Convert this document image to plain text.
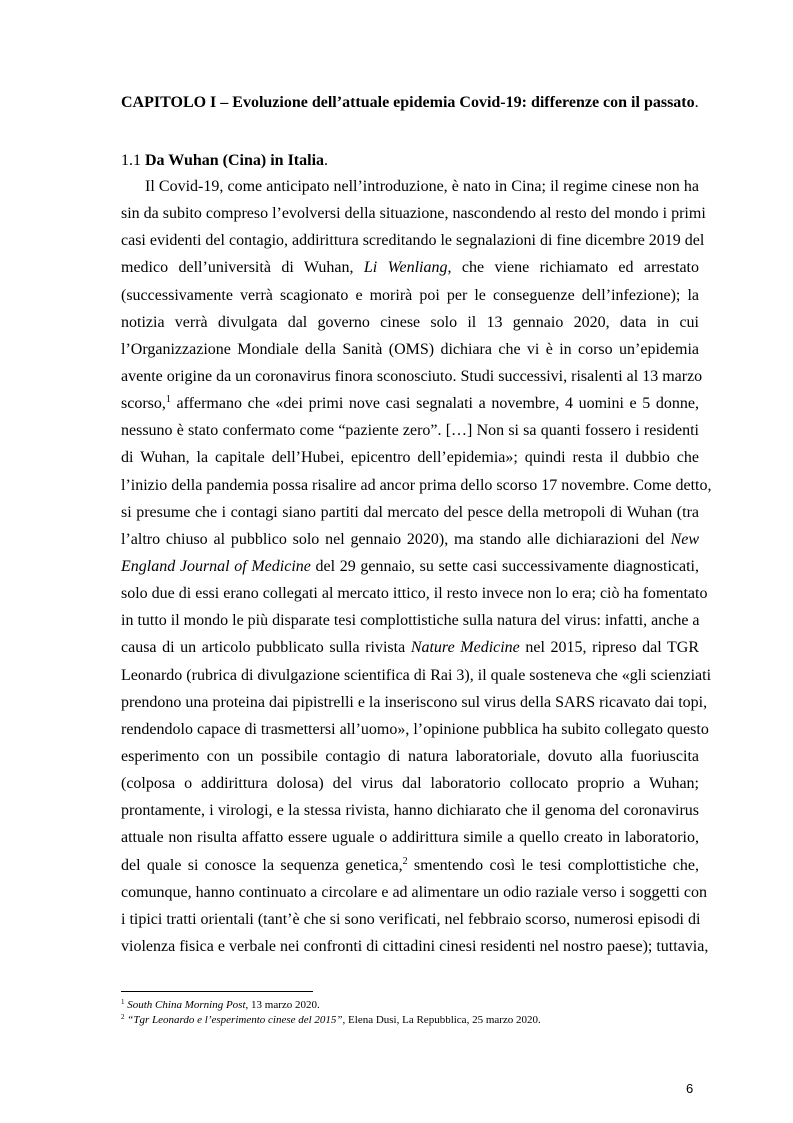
CAPITOLO I – Evoluzione dell’attuale epidemia Covid-19: differenze con il passato.
1.1 Da Wuhan (Cina) in Italia.
Il Covid-19, come anticipato nell’introduzione, è nato in Cina; il regime cinese non ha
sin da subito compreso l’evolversi della situazione, nascondendo al resto del mondo i primi
casi evidenti del contagio, addirittura screditando le segnalazioni di fine dicembre 2019 del
medico dell’università di Wuhan, Li Wenliang, che viene richiamato ed arrestato
(successivamente verrà scagionato e morirà poi per le conseguenze dell’infezione); la
notizia verrà divulgata dal governo cinese solo il 13 gennaio 2020, data in cui
l’Organizzazione Mondiale della Sanità (OMS) dichiara che vi è in corso un’epidemia
avente origine da un coronavirus finora sconosciuto. Studi successivi, risalenti al 13 marzo
scorso,$^1$ affermano che «dei primi nove casi segnalati a novembre, 4 uomini e 5 donne,
nessuno è stato confermato come “paziente zero”. […] Non si sa quanti fossero i residenti
di Wuhan, la capitale dell’Hubei, epicentro dell’epidemia»; quindi resta il dubbio che
l’inizio della pandemia possa risalire ad ancor prima dello scorso 17 novembre. Come detto,
si presume che i contagi siano partiti dal mercato del pesce della metropoli di Wuhan (tra
l’altro chiuso al pubblico solo nel gennaio 2020), ma stando alle dichiarazioni del New
England Journal of Medicine del 29 gennaio, su sette casi successivamente diagnosticati,
solo due di essi erano collegati al mercato ittico, il resto invece non lo era; ciò ha fomentato
in tutto il mondo le più disparate tesi complottistiche sulla natura del virus: infatti, anche a
causa di un articolo pubblicato sulla rivista Nature Medicine nel 2015, ripreso dal TGR
Leonardo (rubrica di divulgazione scientifica di Rai 3), il quale sosteneva che «gli scienziati
prendono una proteina dai pipistrelli e la inseriscono sul virus della SARS ricavato dai topi,
rendendolo capace di trasmettersi all’uomo», l’opinione pubblica ha subito collegato questo
esperimento con un possibile contagio di natura laboratoriale, dovuto alla fuoriuscita
(colposa o addirittura dolosa) del virus dal laboratorio collocato proprio a Wuhan;
prontamente, i virologi, e la stessa rivista, hanno dichiarato che il genoma del coronavirus
attuale non risulta affatto essere uguale o addirittura simile a quello creato in laboratorio,
del quale si conosce la sequenza genetica,$^2$ smentendo così le tesi complottistiche che,
comunque, hanno continuato a circolare e ad alimentare un odio raziale verso i soggetti con
i tipici tratti orientali (tant’è che si sono verificati, nel febbraio scorso, numerosi episodi di
violenza fisica e verbale nei confronti di cittadini cinesi residenti nel nostro paese); tuttavia,
$^1$ South China Morning Post, 13 marzo 2020.
$^2$ “Tgr Leonardo e l’esperimento cinese del 2015”, Elena Dusi, La Repubblica, 25 marzo 2020.
6
